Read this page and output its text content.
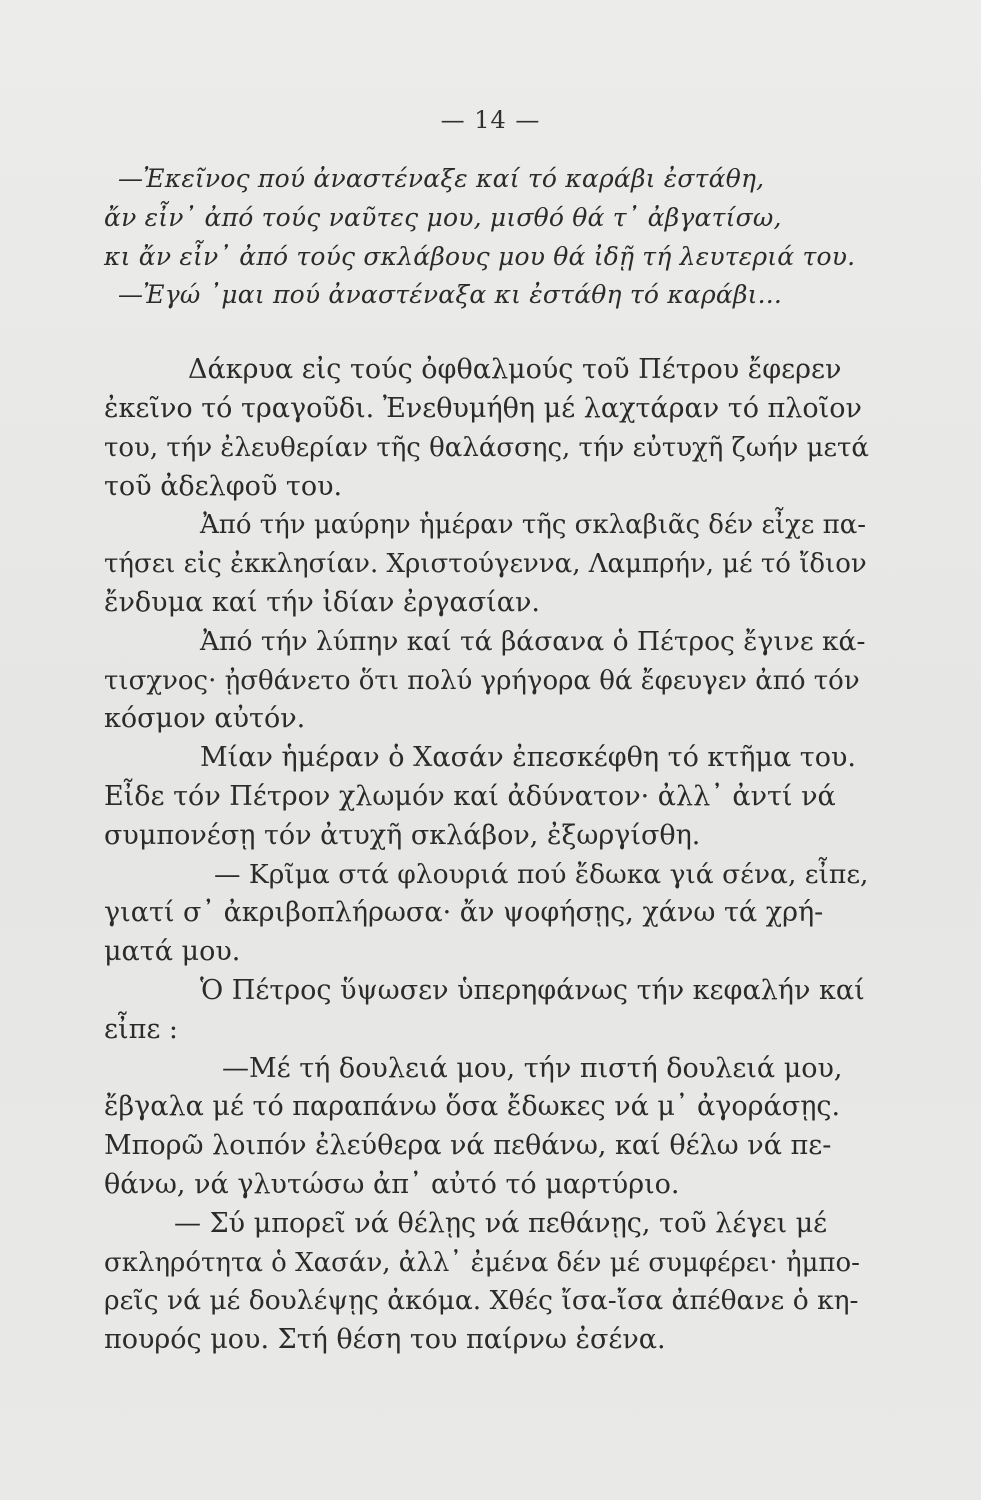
— 14 —
—Ἐκεῖνος πού ἀναστέναξε καί τό καράβι ἐστάθη,
ἄν εἶν᾿ ἀπό τούς ναῦτες μου, μισθό θά τ᾿ ἀβγατίσω,
κι ἄν εἶν᾿ ἀπό τούς σκλάβους μου θά ἰδῇ τή λευτεριά του.
—Ἐγώ ᾿μαι πού ἀναστέναξα κι ἐστάθη τό καράβι...
Δάκρυα εἰς τούς ὀφθαλμούς τοῦ Πέτρου ἔφερεν
ἐκεῖνο τό τραγοῦδι. Ἐνεθυμήθη μέ λαχτάραν τό πλοῖον
του, τήν ἐλευθερίαν τῆς θαλάσσης, τήν εὐτυχῆ ζωήν μετά
τοῦ ἀδελφοῦ του.
Ἀπό τήν μαύρην ἡμέραν τῆς σκλαβιᾶς δέν εἶχε πα-
τήσει εἰς ἐκκλησίαν. Χριστούγεννα, Λαμπρήν, μέ τό ἴδιον
ἔνδυμα καί τήν ἰδίαν ἐργασίαν.
Ἀπό τήν λύπην καί τά βάσανα ὁ Πέτρος ἔγινε κά-
τισχνος· ᾐσθάνετο ὅτι πολύ γρήγορα θά ἔφευγεν ἀπό τόν
κόσμον αὐτόν.
Μίαν ἡμέραν ὁ Χασάν ἐπεσκέφθη τό κτῆμα του.
Εἶδε τόν Πέτρον χλωμόν καί ἀδύνατον· ἀλλ᾿ ἀντί νά
συμπονέσῃ τόν ἀτυχῆ σκλάβον, ἐξωργίσθη.
— Κρῖμα στά φλουριά πού ἔδωκα γιά σένα, εἶπε,
γιατί σ᾿ ἀκριβοπλήρωσα· ἄν ψοφήσῃς, χάνω τά χρή-
ματά μου.
Ὁ Πέτρος ὕψωσεν ὑπερηφάνως τήν κεφαλήν καί
εἶπε :
—Μέ τή δουλειά μου, τήν πιστή δουλειά μου,
ἔβγαλα μέ τό παραπάνω ὅσα ἔδωκες νά μ᾿ ἀγοράσῃς.
Μπορῶ λοιπόν ἐλεύθερα νά πεθάνω, καί θέλω νά πε-
θάνω, νά γλυτώσω ἀπ᾿ αὐτό τό μαρτύριο.
— Σύ μπορεῖ νά θέλῃς νά πεθάνῃς, τοῦ λέγει μέ
σκληρότητα ὁ Χασάν, ἀλλ᾿ ἐμένα δέν μέ συμφέρει· ἠμπο-
ρεῖς νά μέ δουλέψῃς ἀκόμα. Χθές ἴσα-ἴσα ἀπέθανε ὁ κη-
πουρός μου. Στή θέση του παίρνω ἐσένα.
